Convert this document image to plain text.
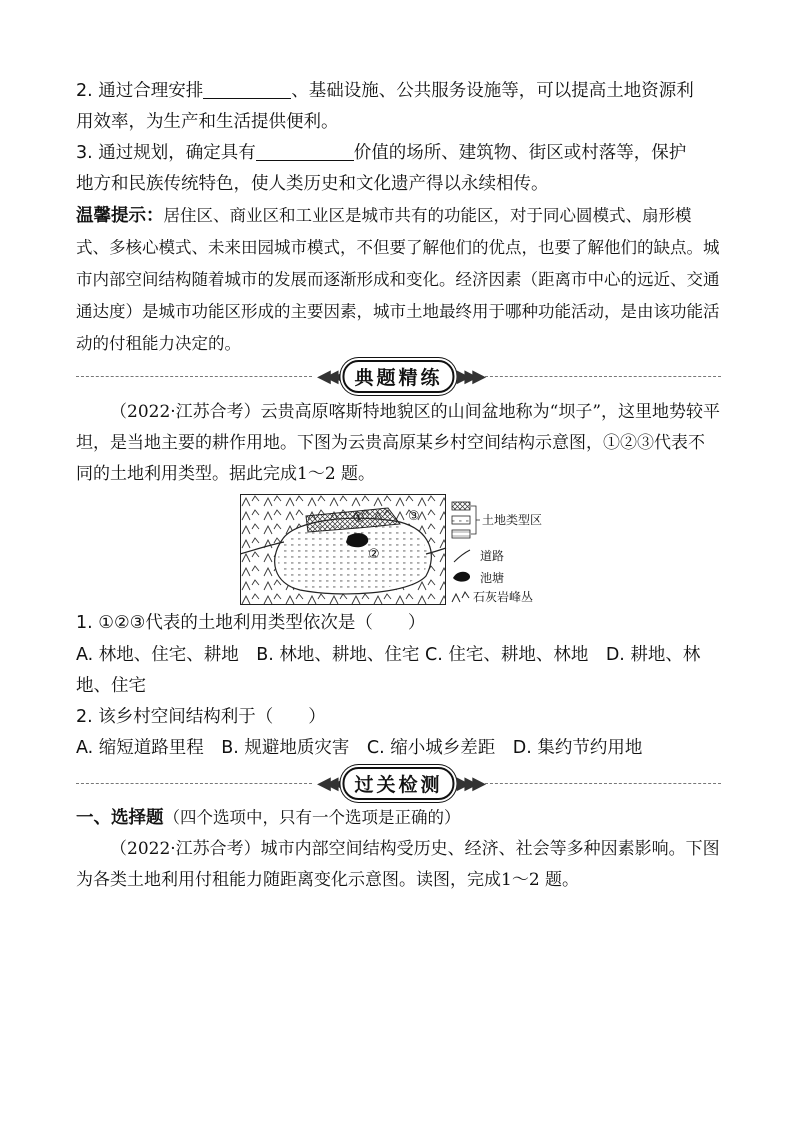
2. 通过合理安排	、基础设施、公共服务设施等，可以提高土地资源利
用效率，为生产和生活提供便利。

3. 通过规划，确定具有	价值的场所、建筑物、街区或村落等，保护
地方和民族传统特色，使人类历史和文化遗产得以永续相传。

温馨提示：居住区、商业区和工业区是城市共有的功能区，对于同心圆模式、扇形模式、多核心模式、未来田园城市模式，不但要了解他们的优点，也要了解他们的缺点。城市内部空间结构随着城市的发展而逐渐形成和变化。经济因素（距离市中心的远近、交通通达度）是城市功能区形成的主要因素，城市土地最终用于哪种功能活动，是由该功能活动的付租能力决定的。

◀◀◀ 典题精练 ▶▶▶

（2022·江苏合考）云贵高原喀斯特地貌区的山间盆地称为“坝子”，这里地势较平坦，是当地主要的耕作用地。下图为云贵高原某乡村空间结构示意图，①②③代表不同的土地利用类型。据此完成1～2 题。

①
②
③	土地类型区
道路
池塘
石灰岩峰丛

1. ①②③代表的土地利用类型依次是（　　）

A. 林地、住宅、耕地　B. 林地、耕地、住宅 C. 住宅、耕地、林地　D. 耕地、林
地、住宅

2. 该乡村空间结构利于（　　）

A. 缩短道路里程　B. 规避地质灾害　C. 缩小城乡差距　D. 集约节约用地

◀◀◀ 过关检测 ▶▶▶

一、选择题（四个选项中，只有一个选项是正确的）

（2022·江苏合考）城市内部空间结构受历史、经济、社会等多种因素影响。下图为各类土地利用付租能力随距离变化示意图。读图，完成1～2 题。
